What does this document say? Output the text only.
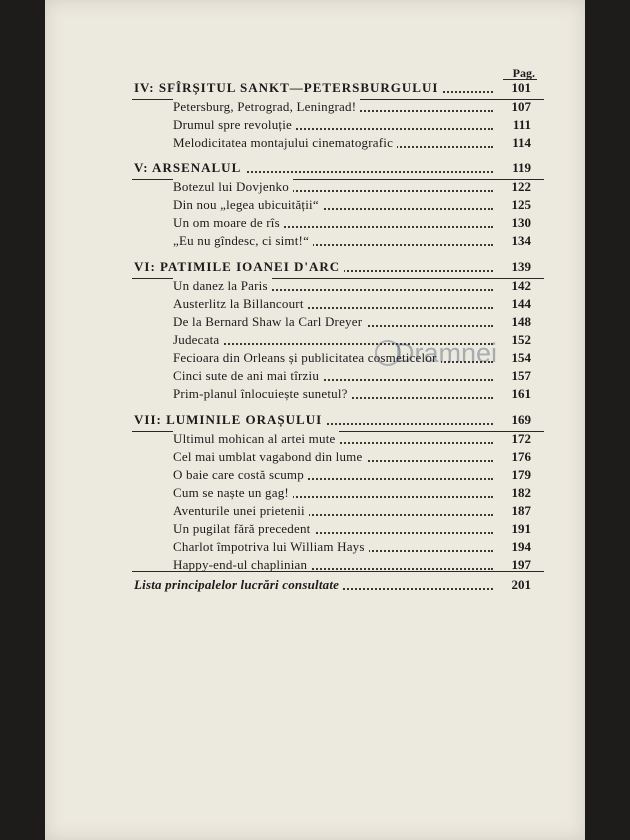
Pag.
IV: SFÎRȘITUL SANKT—PETERSBURGULUI	101
Petersburg, Petrograd, Leningrad!	107
Drumul spre revoluție	111
Melodicitatea montajului cinematografic	114
V: ARSENALUL	119
Botezul lui Dovjenko	122
Din nou „legea ubicuității“	125
Un om moare de rîs	130
„Eu nu gîndesc, ci simt!“	134
VI: PATIMILE IOANEI D'ARC	139
Un danez la Paris	142
Austerlitz la Billancourt	144
De la Bernard Shaw la Carl Dreyer	148
Judecata	152
Fecioara din Orleans și publicitatea cosmeticelor	154
Cinci sute de ani mai tîrziu	157
Prim-planul înlocuiește sunetul?	161
VII: LUMINILE ORAȘULUI	169
Ultimul mohican al artei mute	172
Cel mai umblat vagabond din lume	176
O baie care costă scump	179
Cum se naște un gag!	182
Aventurile unei prietenii	187
Un pugilat fără precedent	191
Charlot împotriva lui William Hays	194
Happy-end-ul chaplinian	197
Lista principalelor lucrări consultate	201
Dramnei
